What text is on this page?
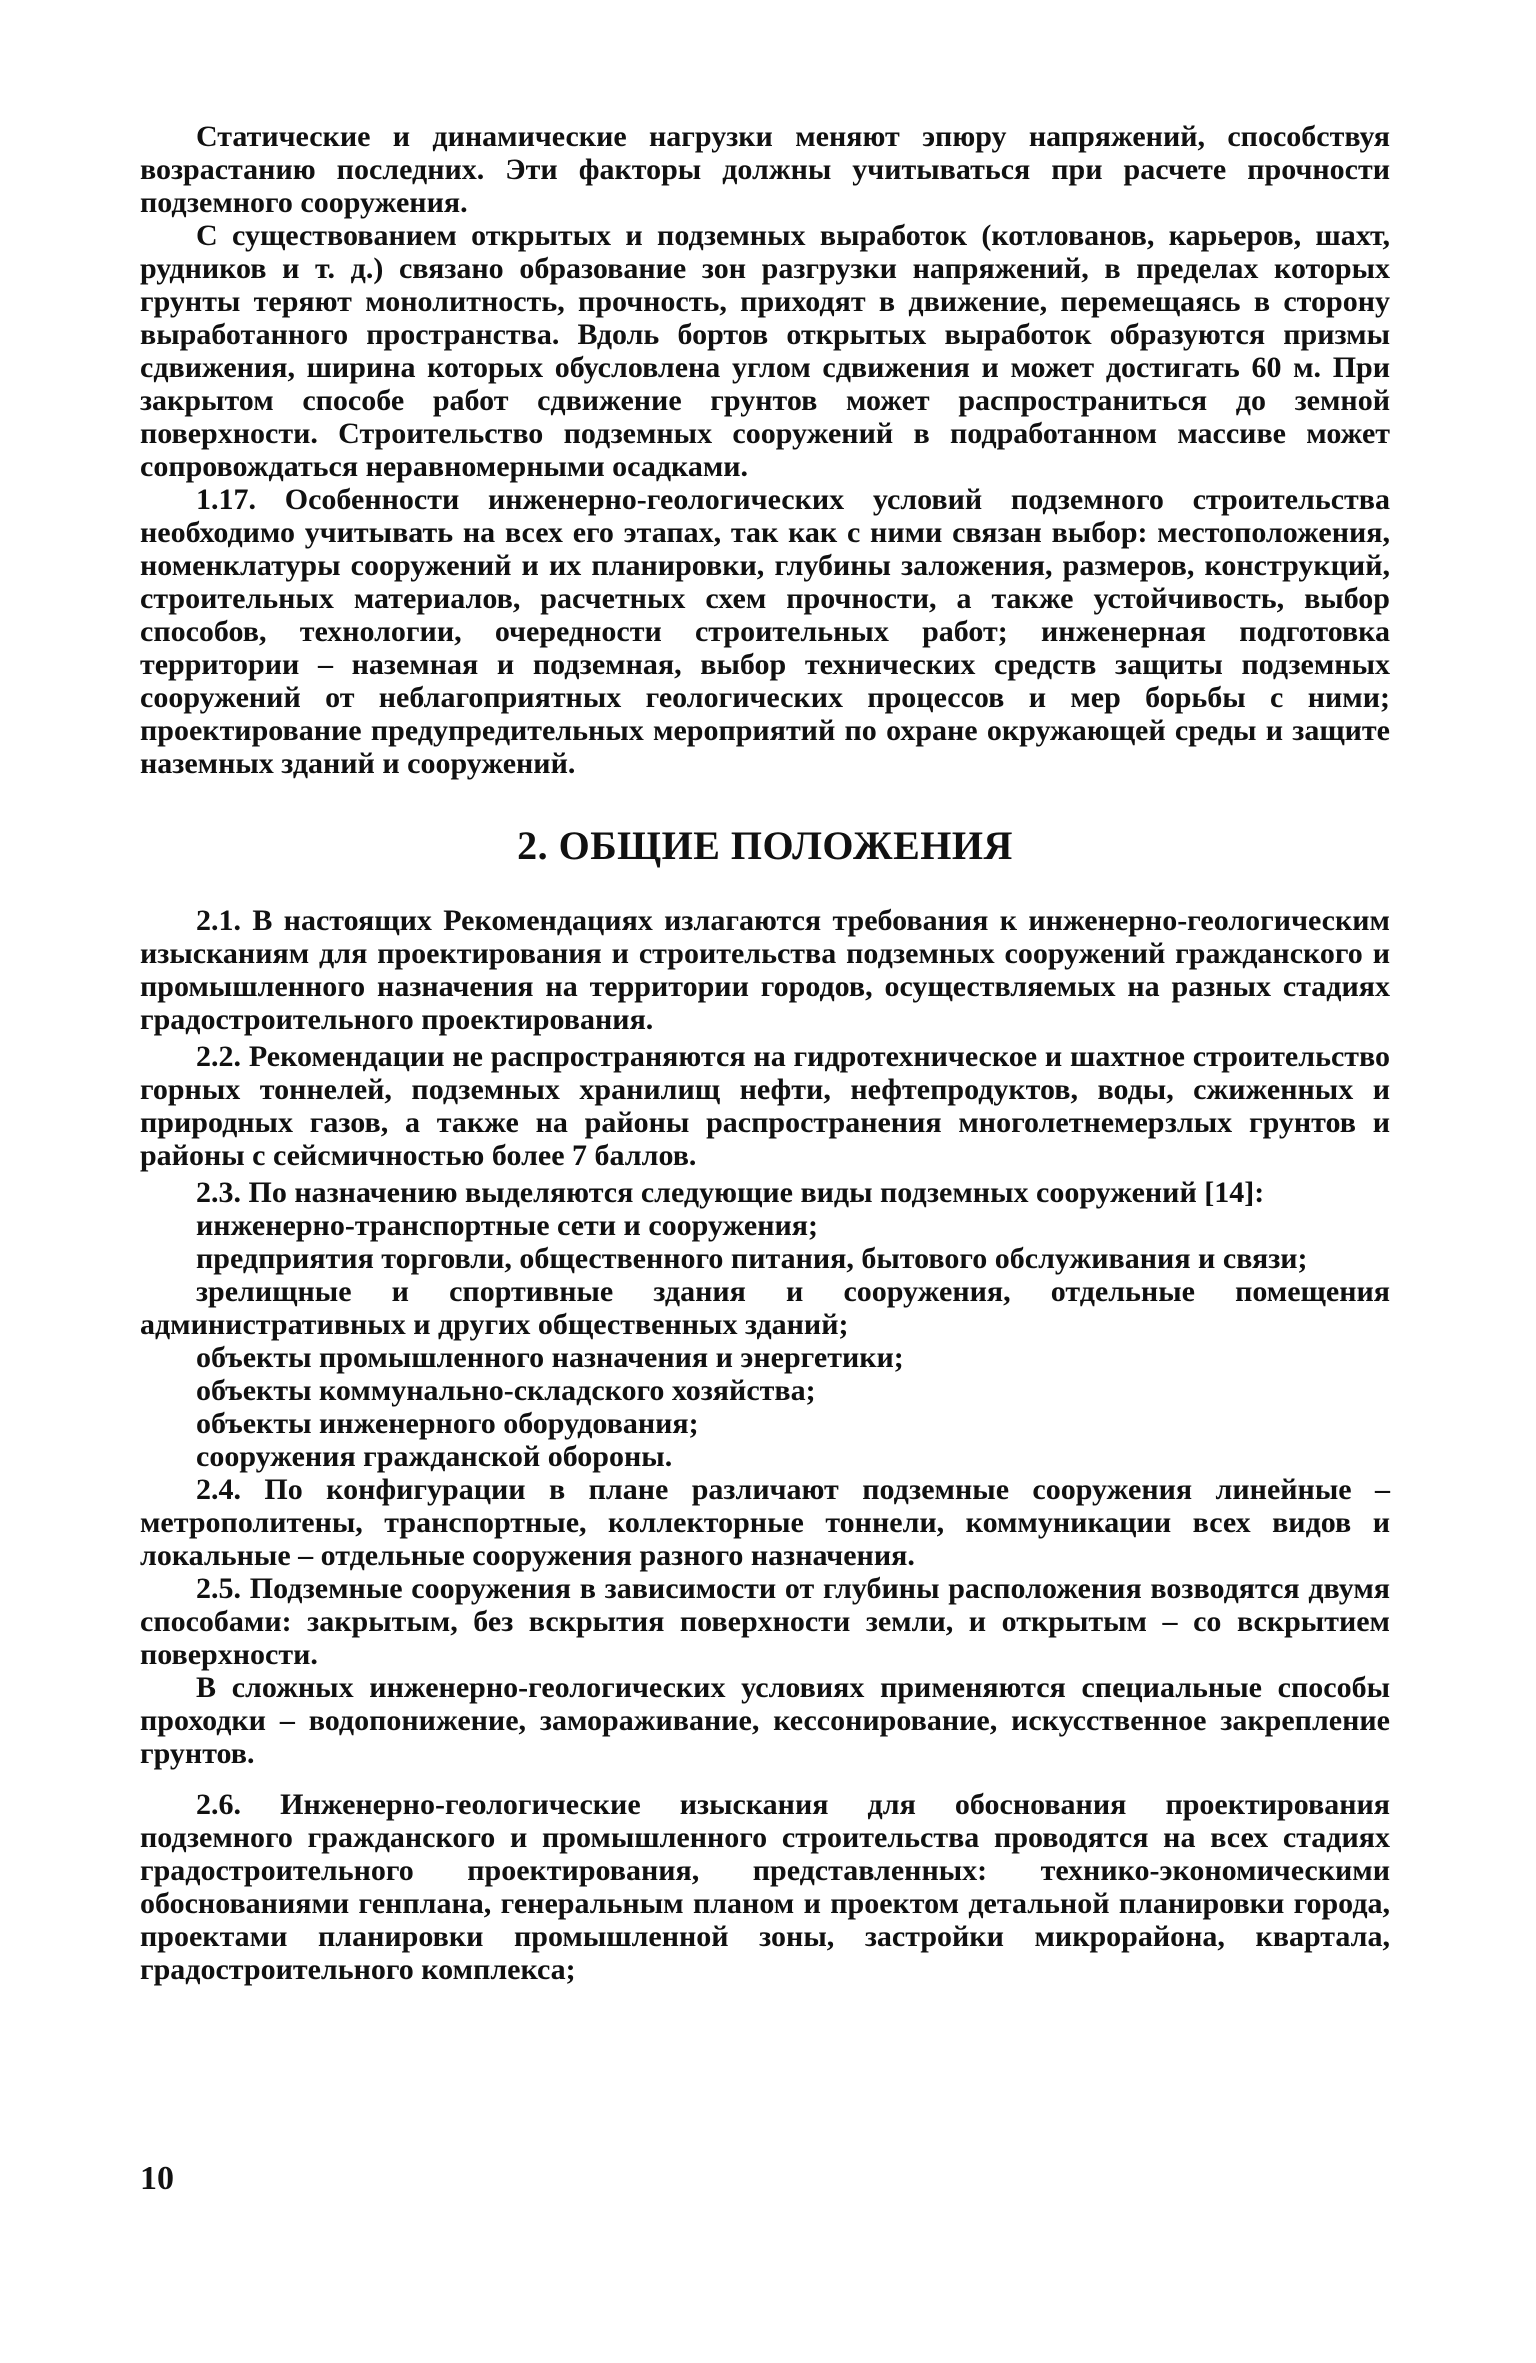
Статические и динамические нагрузки меняют эпюру напряжений, способствуя возрастанию последних. Эти факторы должны учитываться при расчете прочности подземного сооружения.

С существованием открытых и подземных выработок (котлованов, карьеров, шахт, рудников и т. д.) связано образование зон разгрузки напряжений, в пределах которых грунты теряют монолитность, прочность, приходят в движение, перемещаясь в сторону выработанного пространства. Вдоль бортов открытых выработок образуются призмы сдвижения, ширина которых обусловлена углом сдвижения и может достигать 60 м. При закрытом способе работ сдвижение грунтов может распространиться до земной поверхности. Строительство подземных сооружений в подработанном массиве может сопровождаться неравномерными осадками.

1.17. Особенности инженерно-геологических условий подземного строительства необходимо учитывать на всех его этапах, так как с ними связан выбор: местоположения, номенклатуры сооружений и их планировки, глубины заложения, размеров, конструкций, строительных материалов, расчетных схем прочности, а также устойчивость, выбор способов, технологии, очередности строительных работ; инженерная подготовка территории – наземная и подземная, выбор технических средств защиты подземных сооружений от неблагоприятных геологических процессов и мер борьбы с ними; проектирование предупредительных мероприятий по охране окружающей среды и защите наземных зданий и сооружений.

2. ОБЩИЕ ПОЛОЖЕНИЯ

2.1. В настоящих Рекомендациях излагаются требования к инженерно-геологическим изысканиям для проектирования и строительства подземных сооружений гражданского и промышленного назначения на территории городов, осуществляемых на разных стадиях градостроительного проектирования.

2.2. Рекомендации не распространяются на гидротехническое и шахтное строительство горных тоннелей, подземных хранилищ нефти, нефтепродуктов, воды, сжиженных и природных газов, а также на районы распространения многолетнемерзлых грунтов и районы с сейсмичностью более 7 баллов.

2.3. По назначению выделяются следующие виды подземных сооружений [14]:

инженерно-транспортные сети и сооружения;
предприятия торговли, общественного питания, бытового обслуживания и связи;
зрелищные и спортивные здания и сооружения, отдельные помещения административных и других общественных зданий;
объекты промышленного назначения и энергетики;
объекты коммунально-складского хозяйства;
объекты инженерного оборудования;
сооружения гражданской обороны.

2.4. По конфигурации в плане различают подземные сооружения линейные – метрополитены, транспортные, коллекторные тоннели, коммуникации всех видов и локальные – отдельные сооружения разного назначения.

2.5. Подземные сооружения в зависимости от глубины расположения возводятся двумя способами: закрытым, без вскрытия поверхности земли, и открытым – со вскрытием поверхности.

В сложных инженерно-геологических условиях применяются специальные способы проходки – водопонижение, замораживание, кессонирование, искусственное закрепление грунтов.

2.6. Инженерно-геологические изыскания для обоснования проектирования подземного гражданского и промышленного строительства проводятся на всех стадиях градостроительного проектирования, представленных: технико-экономическими обоснованиями генплана, генеральным планом и проектом детальной планировки города, проектами планировки промышленной зоны, застройки микрорайона, квартала, градостроительного комплекса;

10
